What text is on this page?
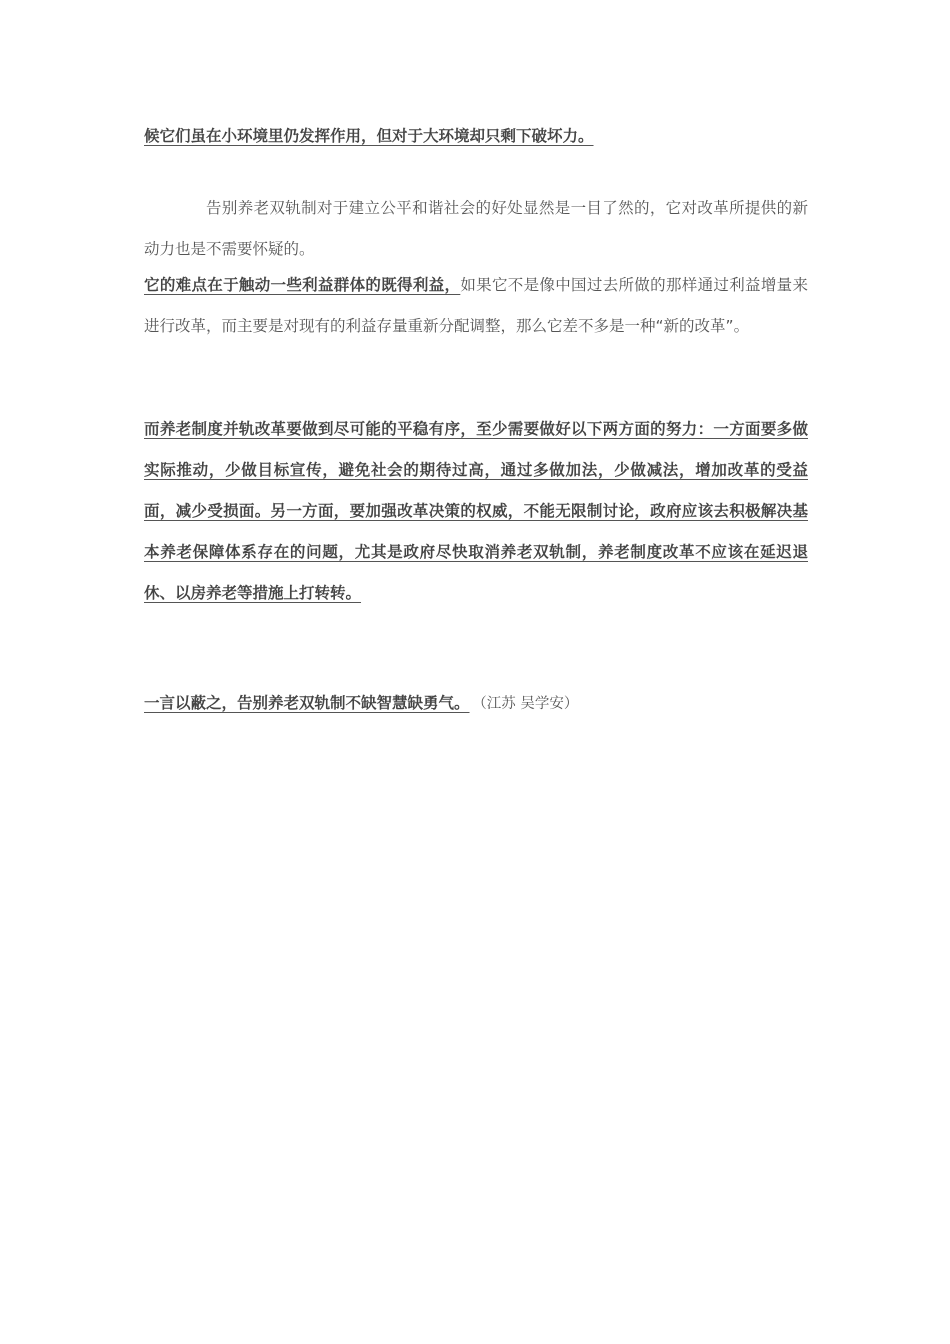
候它们虽在小环境里仍发挥作用，但对于大环境却只剩下破坏力。

告别养老双轨制对于建立公平和谐社会的好处显然是一目了然的，它对改革所提供的新动力也是不需要怀疑的。

它的难点在于触动一些利益群体的既得利益，如果它不是像中国过去所做的那样通过利益增量来进行改革，而主要是对现有的利益存量重新分配调整，那么它差不多是一种“新的改革”。

而养老制度并轨改革要做到尽可能的平稳有序，至少需要做好以下两方面的努力：一方面要多做实际推动，少做目标宣传，避免社会的期待过高，通过多做加法，少做减法，增加改革的受益面，减少受损面。另一方面，要加强改革决策的权威，不能无限制讨论，政府应该去积极解决基本养老保障体系存在的问题，尤其是政府尽快取消养老双轨制，养老制度改革不应该在延迟退休、以房养老等措施上打转转。

一言以蔽之，告别养老双轨制不缺智慧缺勇气。 （江苏 吴学安）
